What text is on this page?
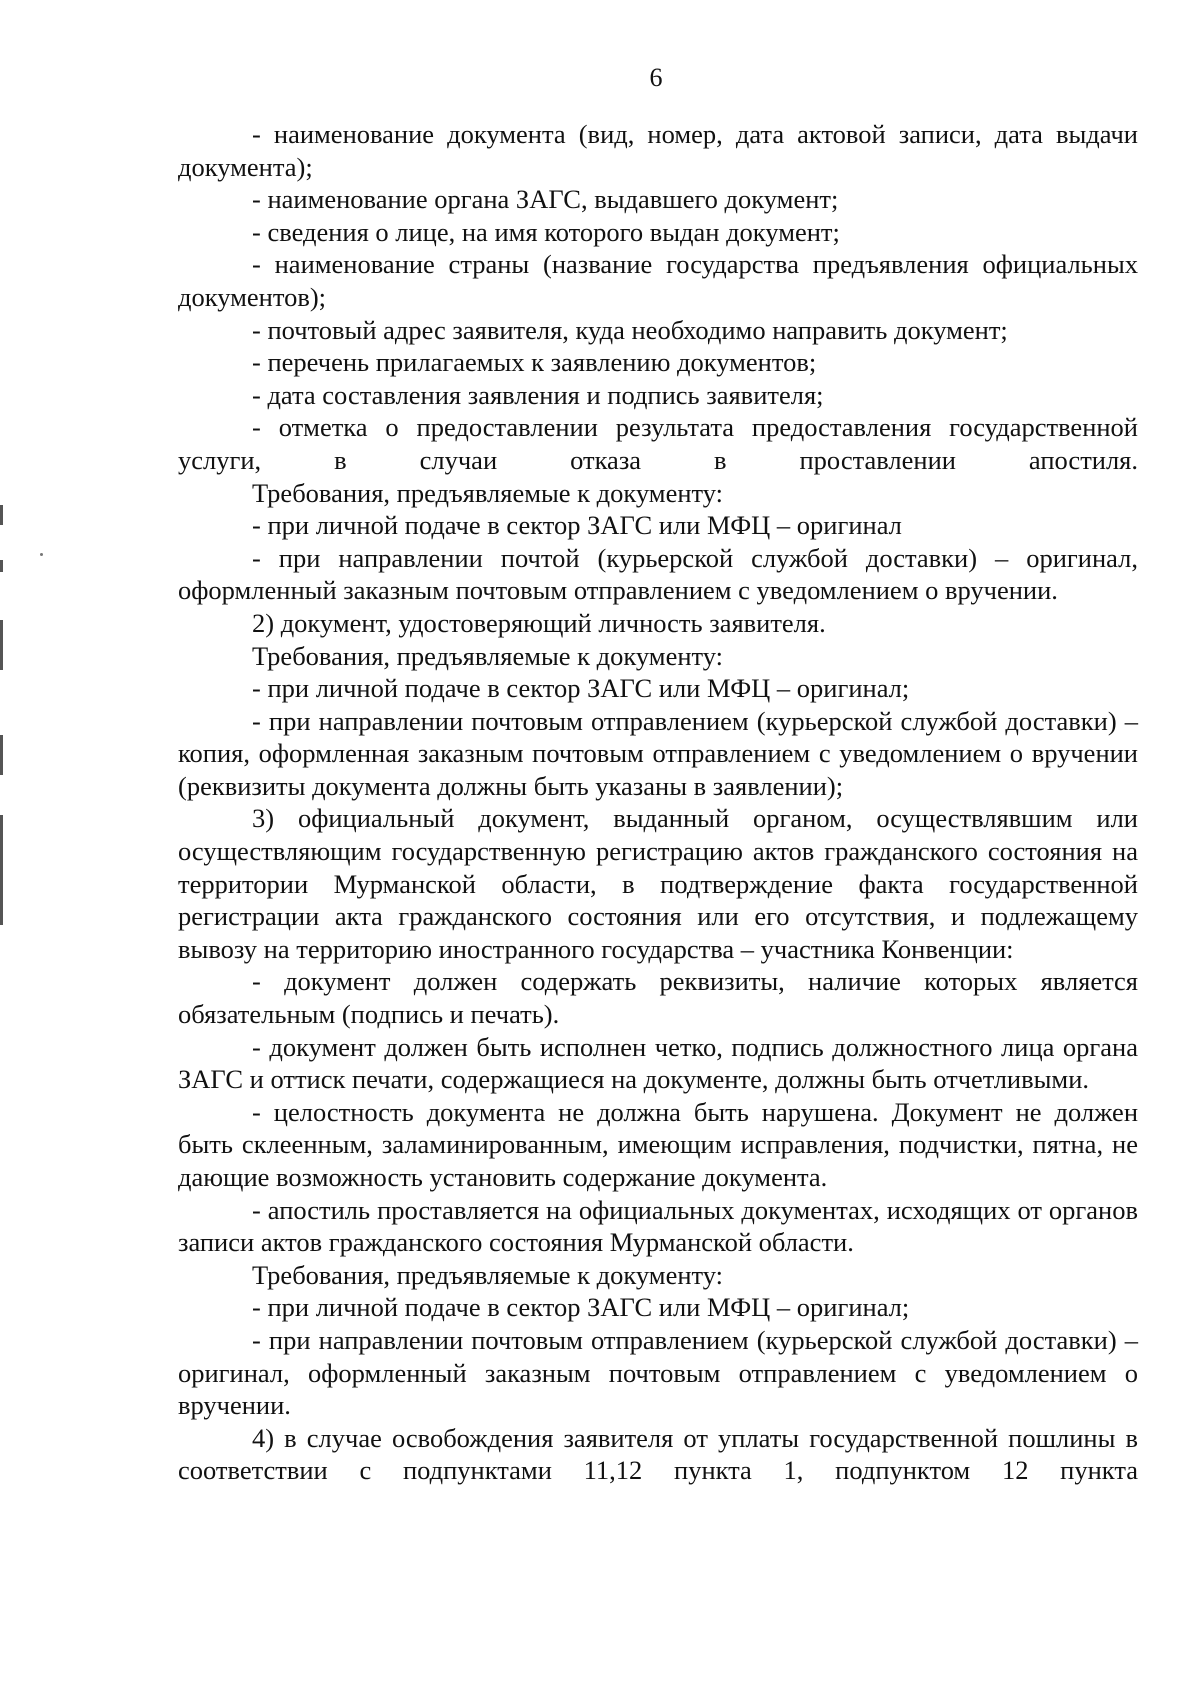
6

- наименование документа (вид, номер, дата актовой записи, дата выдачи документа);

- наименование органа ЗАГС, выдавшего документ;

- сведения о лице, на имя которого выдан документ;

- наименование страны (название государства предъявления официальных документов);

- почтовый адрес заявителя, куда необходимо направить документ;

- перечень прилагаемых к заявлению документов;

- дата составления заявления и подпись заявителя;

- отметка о предоставлении результата предоставления государственной услуги, в случаи отказа в проставлении апостиля.

Требования, предъявляемые к документу:

- при личной подаче в сектор ЗАГС или МФЦ – оригинал

- при направлении почтой (курьерской службой доставки) – оригинал, оформленный заказным почтовым отправлением с уведомлением о вручении.

2) документ, удостоверяющий личность заявителя.

Требования, предъявляемые к документу:

- при личной подаче в сектор ЗАГС или МФЦ – оригинал;

- при направлении почтовым отправлением (курьерской службой доставки) – копия, оформленная заказным почтовым отправлением с уведомлением о вручении (реквизиты документа должны быть указаны в заявлении);

3) официальный документ, выданный органом, осуществлявшим или осуществляющим государственную регистрацию актов гражданского состояния на территории Мурманской области, в подтверждение факта государственной регистрации акта гражданского состояния или его отсутствия, и подлежащему вывозу на территорию иностранного государства – участника Конвенции:

- документ должен содержать реквизиты, наличие которых является обязательным (подпись и печать).

- документ должен быть исполнен четко, подпись должностного лица органа ЗАГС и оттиск печати, содержащиеся на документе, должны быть отчетливыми.

- целостность документа не должна быть нарушена. Документ не должен быть склеенным, заламинированным, имеющим исправления, подчистки, пятна, не дающие возможность установить содержание документа.

- апостиль проставляется на официальных документах, исходящих от органов записи актов гражданского состояния Мурманской области.

Требования, предъявляемые к документу:

- при личной подаче в сектор ЗАГС или МФЦ – оригинал;

- при направлении почтовым отправлением (курьерской службой доставки) – оригинал, оформленный заказным почтовым отправлением с уведомлением о вручении.

4) в случае освобождения заявителя от уплаты государственной пошлины в соответствии с подпунктами 11,12 пункта 1, подпунктом 12 пункта
